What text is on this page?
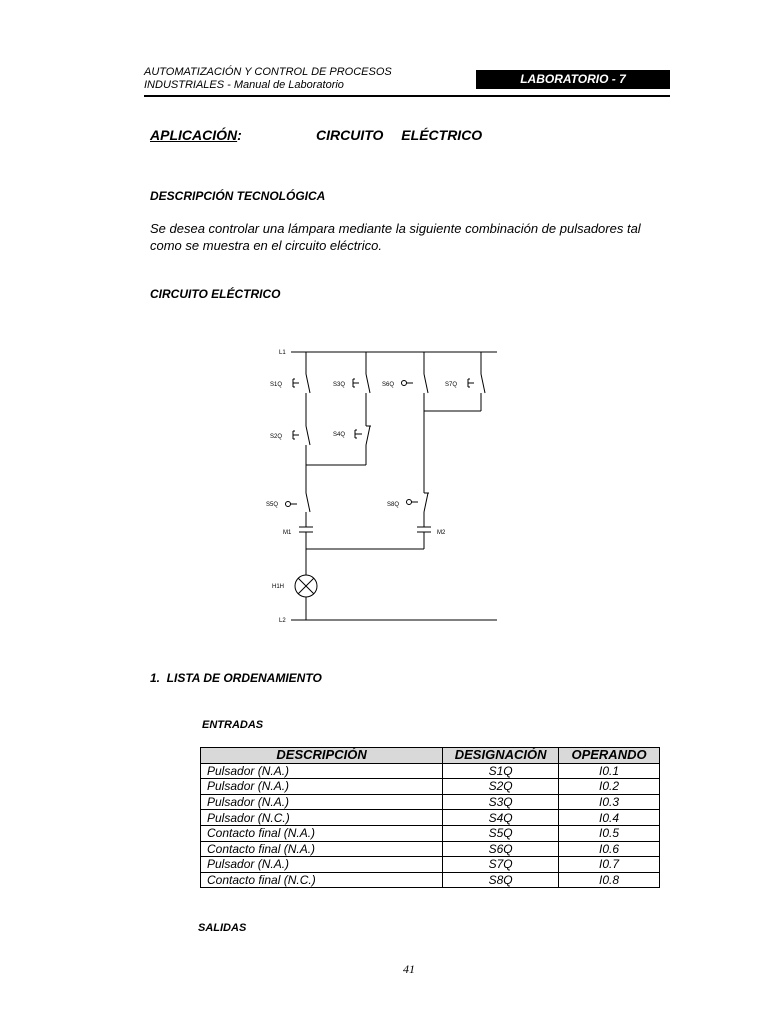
AUTOMATIZACIÓN Y CONTROL DE PROCESOS
INDUSTRIALES - Manual de Laboratorio	LABORATORIO - 7
APLICACIÓN:	CIRCUITO ELÉCTRICO
DESCRIPCIÓN TECNOLÓGICA
Se desea controlar una lámpara mediante la siguiente combinación de pulsadores tal como se muestra en el circuito eléctrico.
CIRCUITO ELÉCTRICO
L1
S1Q	S3Q	S6Q	S7Q
S2Q	S4Q
S5Q	S8Q
M1	M2
H1H
L2
1.  LISTA DE ORDENAMIENTO
ENTRADAS
DESCRIPCIÓN	DESIGNACIÓN	OPERANDO
Pulsador (N.A.)	S1Q	I0.1
Pulsador (N.A.)	S2Q	I0.2
Pulsador (N.A.)	S3Q	I0.3
Pulsador (N.C.)	S4Q	I0.4
Contacto final (N.A.)	S5Q	I0.5
Contacto final (N.A.)	S6Q	I0.6
Pulsador (N.A.)	S7Q	I0.7
Contacto final (N.C.)	S8Q	I0.8
SALIDAS
41
